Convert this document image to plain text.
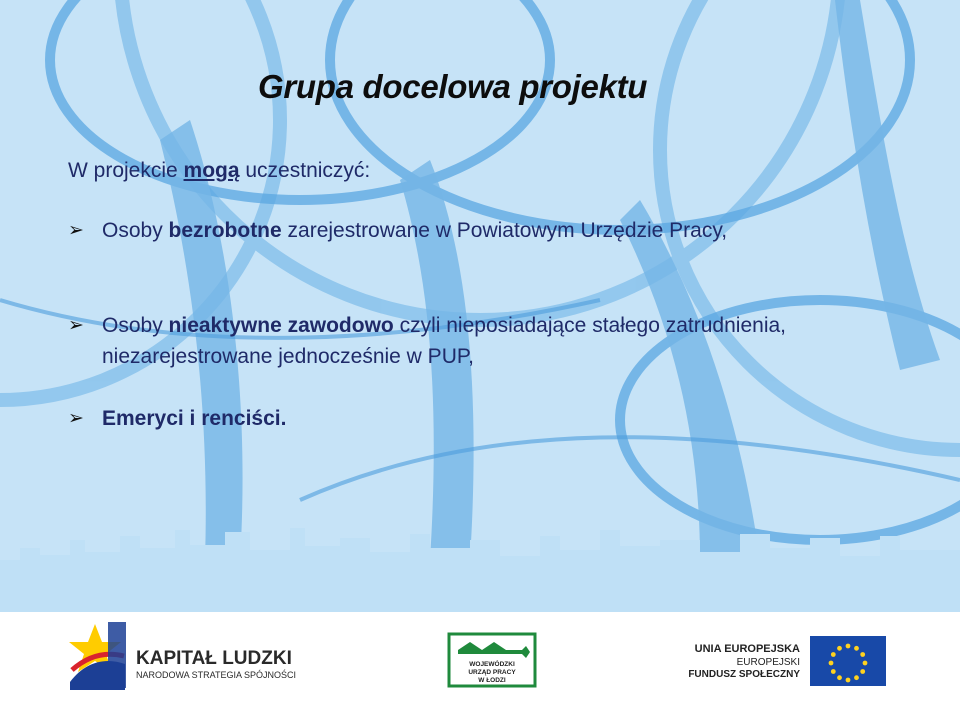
Grupa docelowa projektu

W projekcie mogą uczestniczyć:

➢ Osoby bezrobotne zarejestrowane w Powiatowym Urzędzie Pracy,
➢ Osoby nieaktywne zawodowo czyli nieposiadające stałego zatrudnienia, niezarejestrowane jednocześnie w PUP,
➢ Emeryci i renciści.
KAPITAŁ LUDZKI
NARODOWA STRATEGIA SPÓJNOŚCI
WOJEWÓDZKI
URZĄD PRACY
W ŁODZI
UNIA EUROPEJSKA
EUROPEJSKI
FUNDUSZ SPOŁECZNY
